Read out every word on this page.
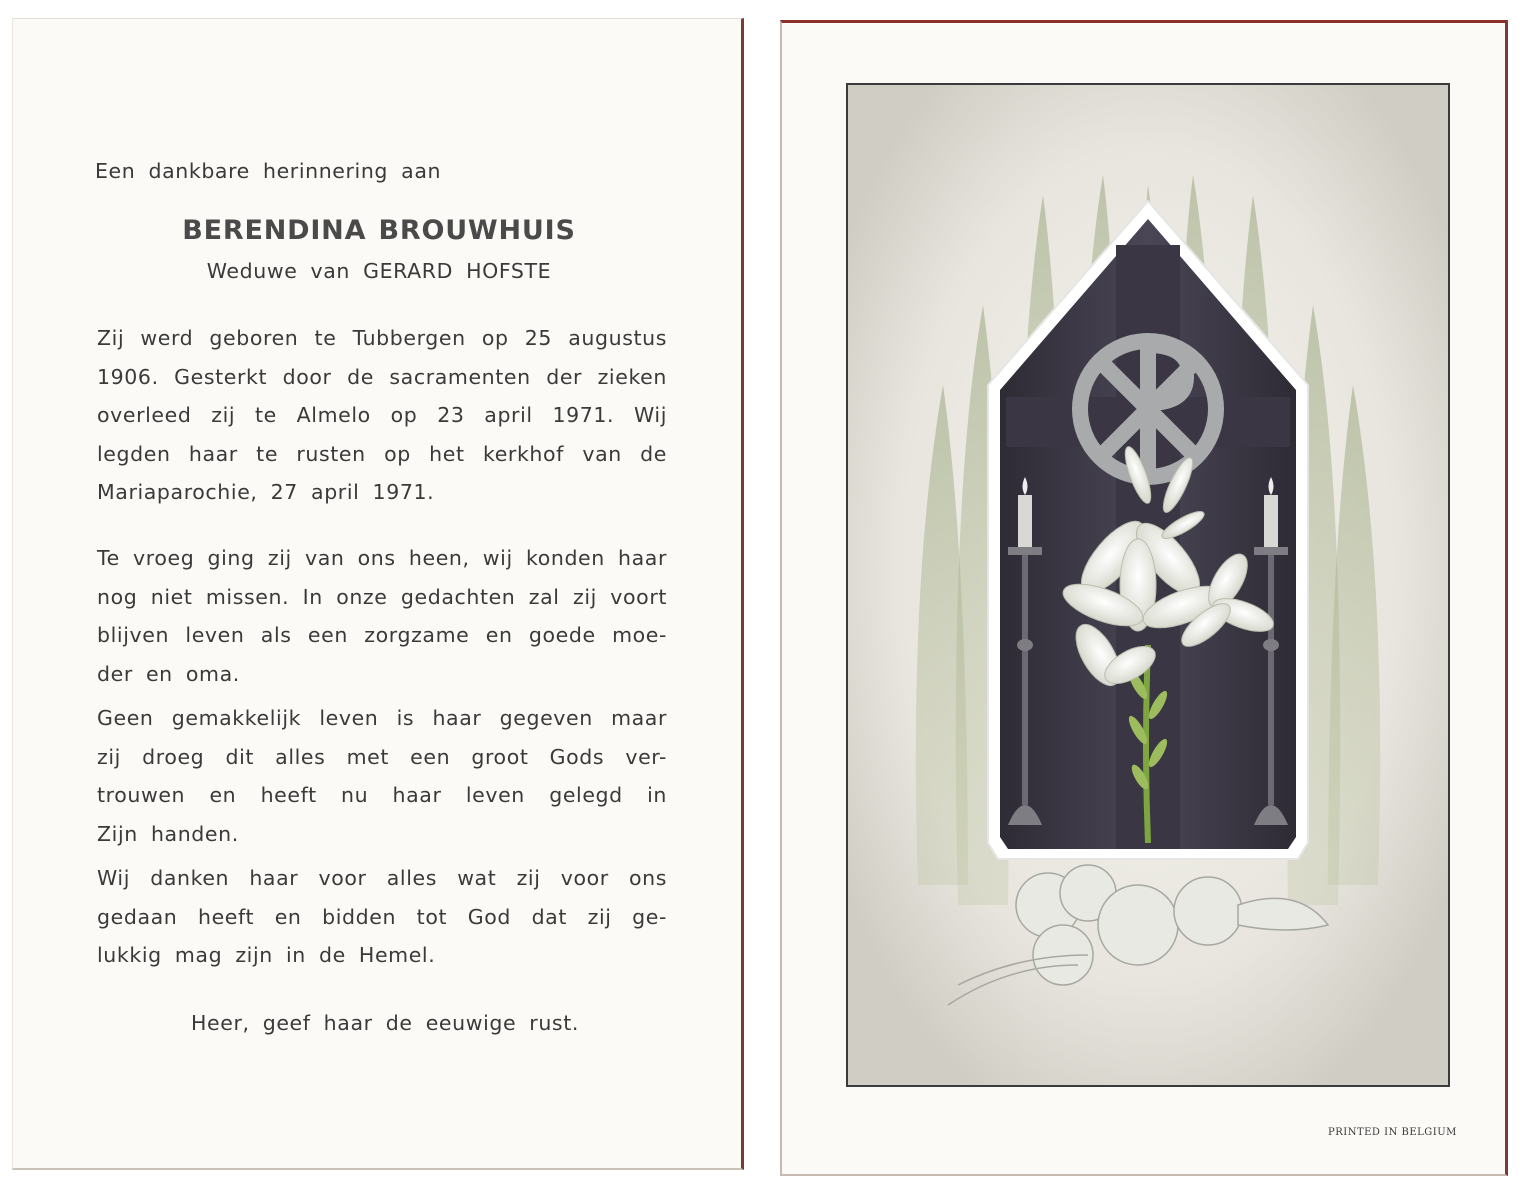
Een dankbare herinnering aan
BERENDINA BROUWHUIS
Weduwe van GERARD HOFSTE
Zij werd geboren te Tubbergen op 25 augustus
1906. Gesterkt door de sacramenten der zieken
overleed zij te Almelo op 23 april 1971. Wij
legden haar te rusten op het kerkhof van de
Mariaparochie, 27 april 1971.
Te vroeg ging zij van ons heen, wij konden haar
nog niet missen. In onze gedachten zal zij voort
blijven leven als een zorgzame en goede moe-
der en oma.
Geen gemakkelijk leven is haar gegeven maar
zij droeg dit alles met een groot Gods ver-
trouwen en heeft nu haar leven gelegd in
Zijn handen.
Wij danken haar voor alles wat zij voor ons
gedaan heeft en bidden tot God dat zij ge-
lukkig mag zijn in de Hemel.
Heer, geef haar de eeuwige rust.
PRINTED IN BELGIUM
